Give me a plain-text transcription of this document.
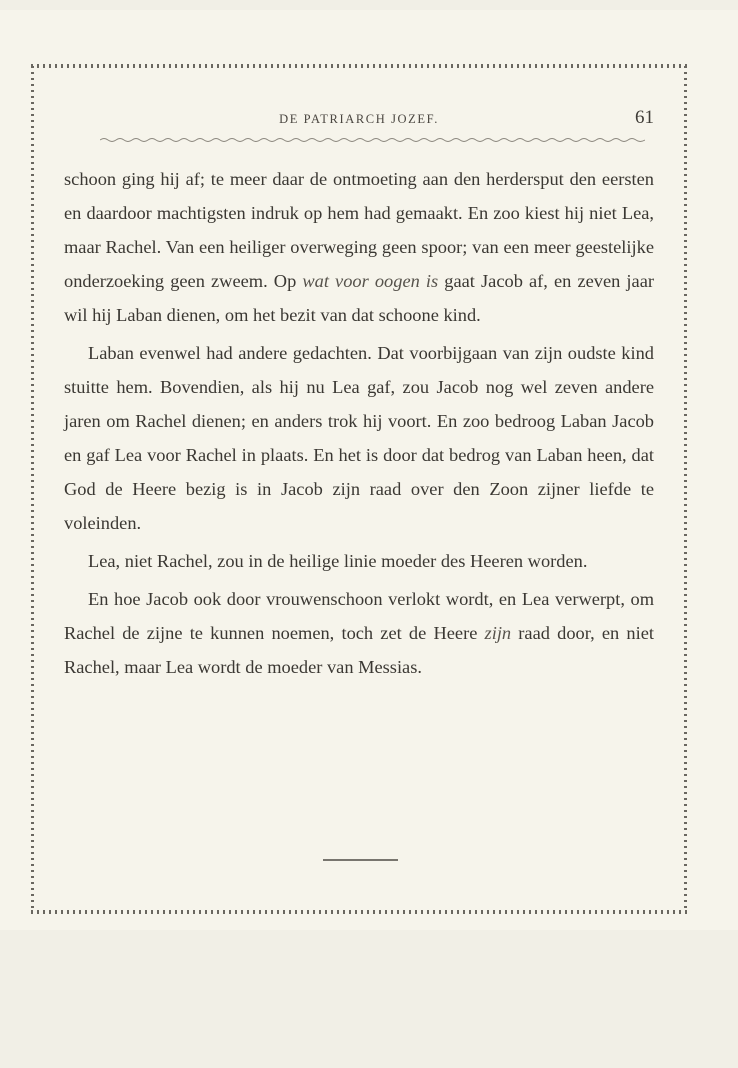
DE PATRIARCH JOZEF.	61

schoon ging hij af; te meer daar de ontmoeting aan den herdersput den eersten en daardoor machtigsten indruk op hem had gemaakt. En zoo kiest hij niet Lea, maar Rachel. Van een heiliger overweging geen spoor; van een meer geestelijke onderzoeking geen zweem. Op wat voor oogen is gaat Jacob af, en zeven jaar wil hij Laban dienen, om het bezit van dat schoone kind.

Laban evenwel had andere gedachten. Dat voorbijgaan van zijn oudste kind stuitte hem. Bovendien, als hij nu Lea gaf, zou Jacob nog wel zeven andere jaren om Rachel dienen; en anders trok hij voort. En zoo bedroog Laban Jacob en gaf Lea voor Rachel in plaats. En het is door dat bedrog van Laban heen, dat God de Heere bezig is in Jacob zijn raad over den Zoon zijner liefde te voleinden.

Lea, niet Rachel, zou in de heilige linie moeder des Heeren worden.

En hoe Jacob ook door vrouwenschoon verlokt wordt, en Lea verwerpt, om Rachel de zijne te kunnen noemen, toch zet de Heere zijn raad door, en niet Rachel, maar Lea wordt de moeder van Messias.
